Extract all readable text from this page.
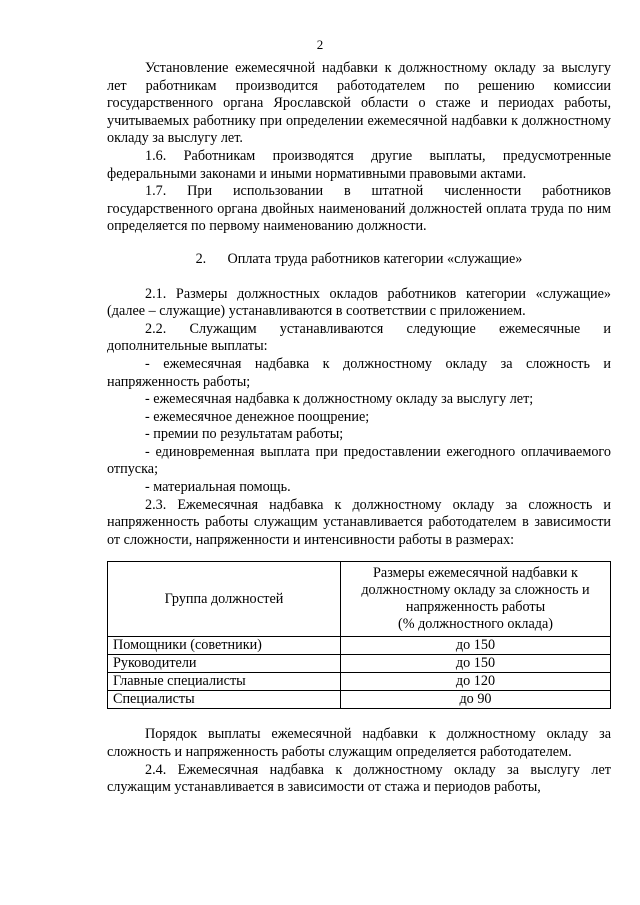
2

Установление ежемесячной надбавки к должностному окладу за выслугу лет работникам производится работодателем по решению комиссии государственного органа Ярославской области о стаже и периодах работы, учитываемых работнику при определении ежемесячной надбавки к должностному окладу за выслугу лет.

1.6. Работникам производятся другие выплаты, предусмотренные федеральными законами и иными нормативными правовыми актами.

1.7. При использовании в штатной численности работников государственного органа двойных наименований должностей оплата труда по ним определяется по первому наименованию должности.

2.      Оплата труда работников категории «служащие»

2.1. Размеры должностных окладов работников категории «служащие» (далее – служащие) устанавливаются в соответствии с приложением.

2.2. Служащим устанавливаются следующие ежемесячные и дополнительные выплаты:

- ежемесячная надбавка к должностному окладу за сложность и напряженность работы;

- ежемесячная надбавка к должностному окладу за выслугу лет;

- ежемесячное денежное поощрение;

- премии по результатам работы;

- единовременная выплата при предоставлении ежегодного оплачиваемого отпуска;

- материальная помощь.

2.3. Ежемесячная надбавка к должностному окладу за сложность и напряженность работы служащим устанавливается работодателем в зависимости от сложности, напряженности и интенсивности работы в размерах:

Группа должностей	Размеры ежемесячной надбавки к
должностному окладу за сложность и
напряженность работы
(% должностного оклада)

Помощники (советники)	до 150
Руководители	до 150
Главные специалисты	до 120
Специалисты	до 90

Порядок выплаты ежемесячной надбавки к должностному окладу за сложность и напряженность работы служащим определяется работодателем.

2.4. Ежемесячная надбавка к должностному окладу за выслугу лет служащим устанавливается в зависимости от стажа и периодов работы,
